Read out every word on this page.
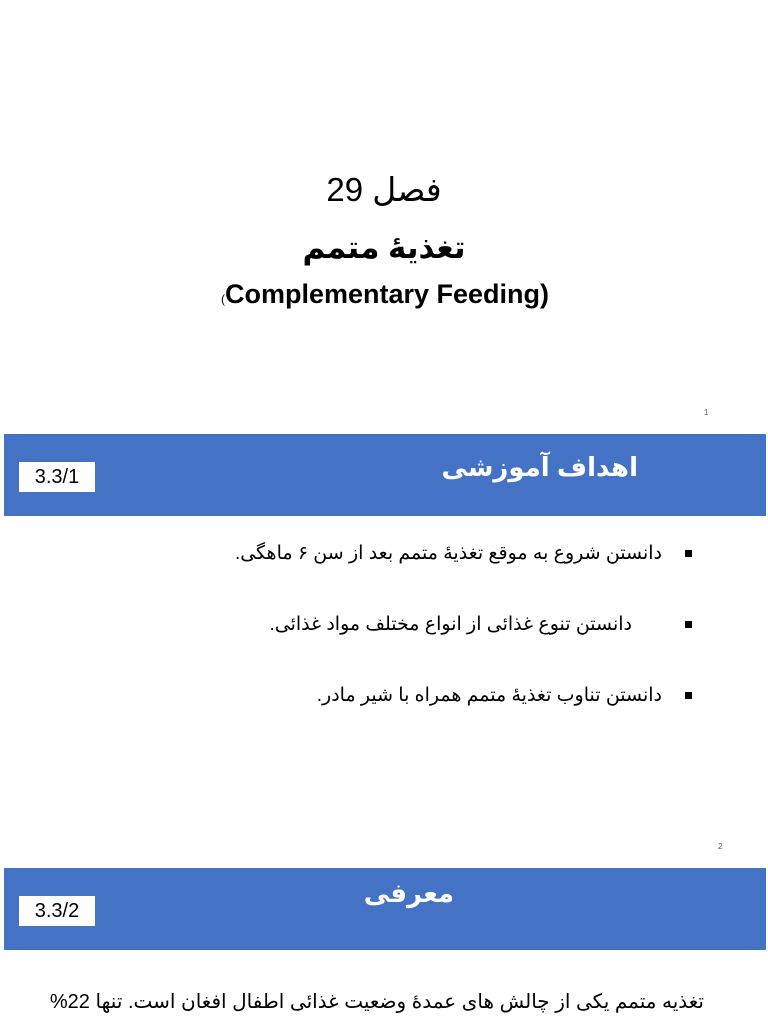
فصل 29
تغذیهٔ متمم
(Complementary Feeding)
1
اهداف آموزشی
3.3/1
دانستن شروع به موقع تغذیهٔ متمم بعد از سن ۶ ماهگی.
دانستن تنوع غذائی از انواع مختلف مواد غذائی.
دانستن تناوب تغذیهٔ متمم همراه با شیر مادر.
2
معرفی
3.3/2
تغذیه متمم یکی از چالش های عمدهٔ وضعیت غذائی اطفال افغان است. تنها 22%
